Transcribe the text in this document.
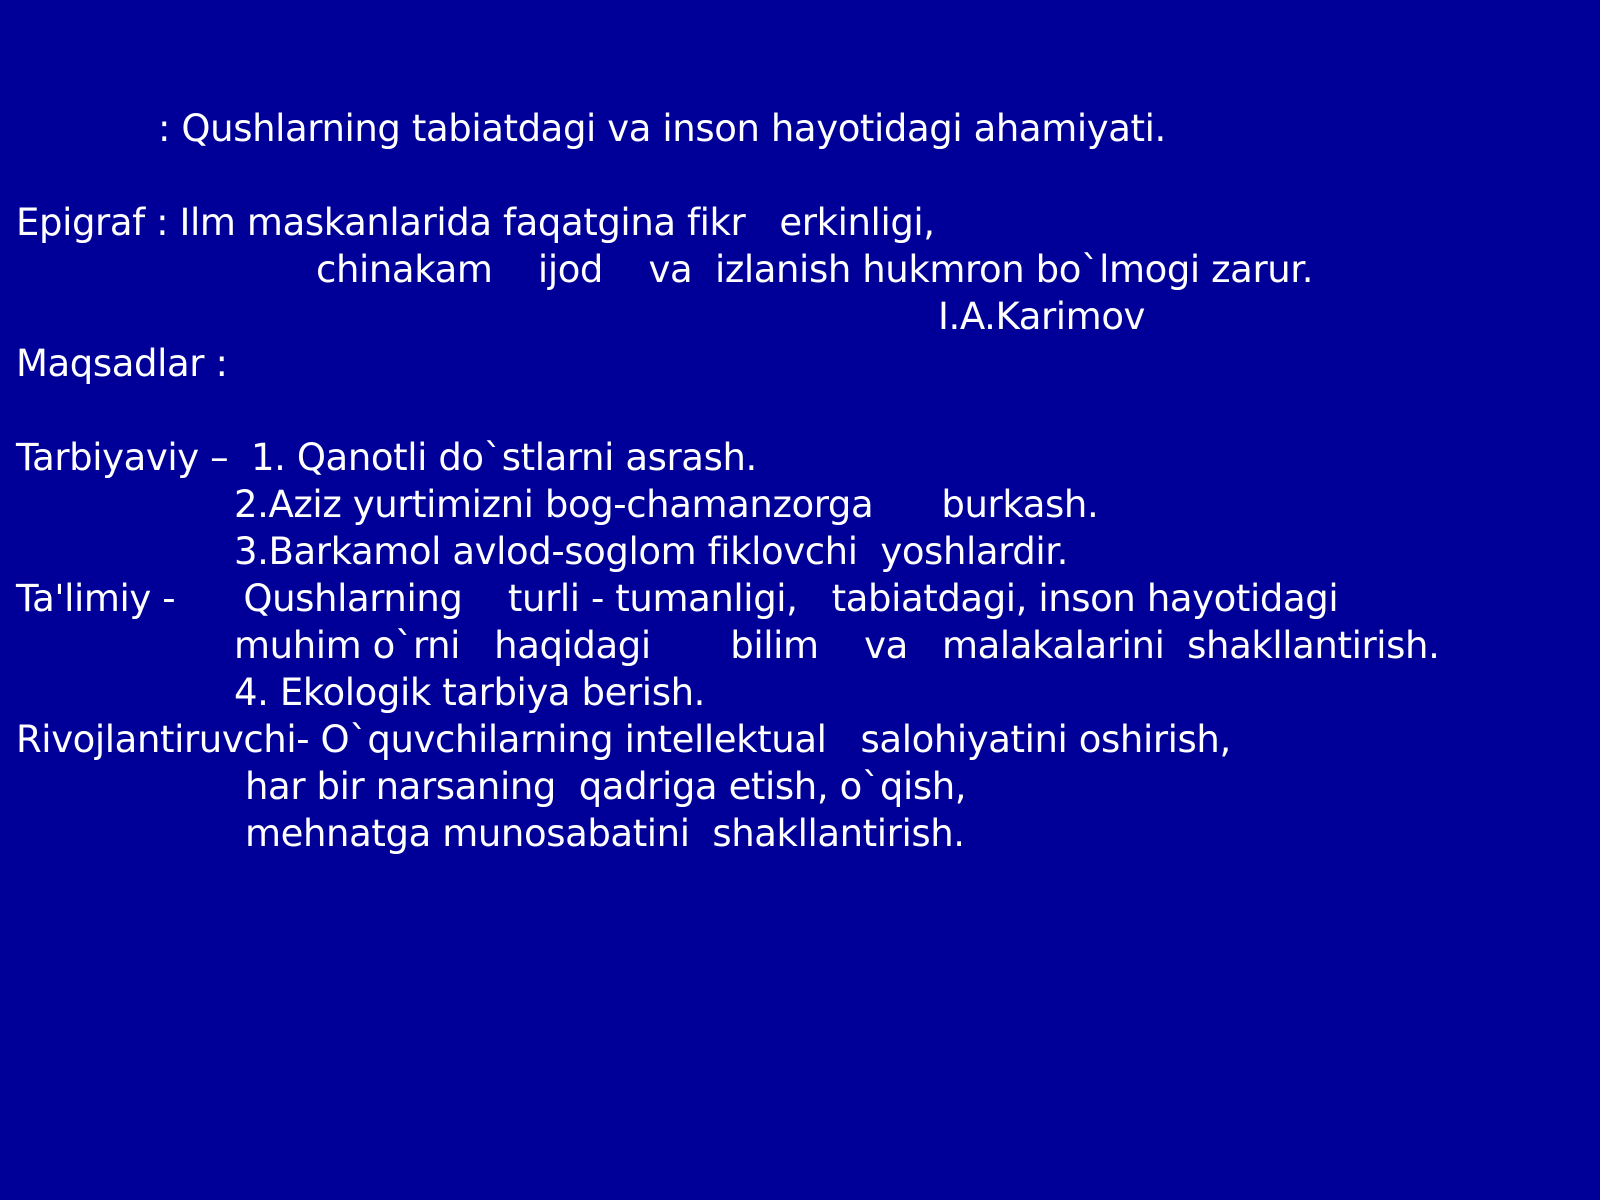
: Qushlarning tabiatdagi va inson hayotidagi ahamiyati.

Epigraf : Ilm maskanlarida faqatgina fikr   erkinligi,

chinakam    ijod    va  izlanish hukmron bo`lmogi zarur.

I.A.Karimov

Maqsadlar :

Tarbiyaviy –  1. Qanotli do`stlarni asrash.

2.Aziz yurtimizni bog-chamanzorga      burkash.

3.Barkamol avlod-soglom fiklovchi  yoshlardir.

Ta'limiy -      Qushlarning    turli - tumanligi,   tabiatdagi, inson hayotidagi

muhim o`rni   haqidagi       bilim    va   malakalarini  shakllantirish.

4. Ekologik tarbiya berish.

Rivojlantiruvchi- O`quvchilarning intellektual   salohiyatini oshirish,

har bir narsaning  qadriga etish, o`qish,

mehnatga munosabatini  shakllantirish.
